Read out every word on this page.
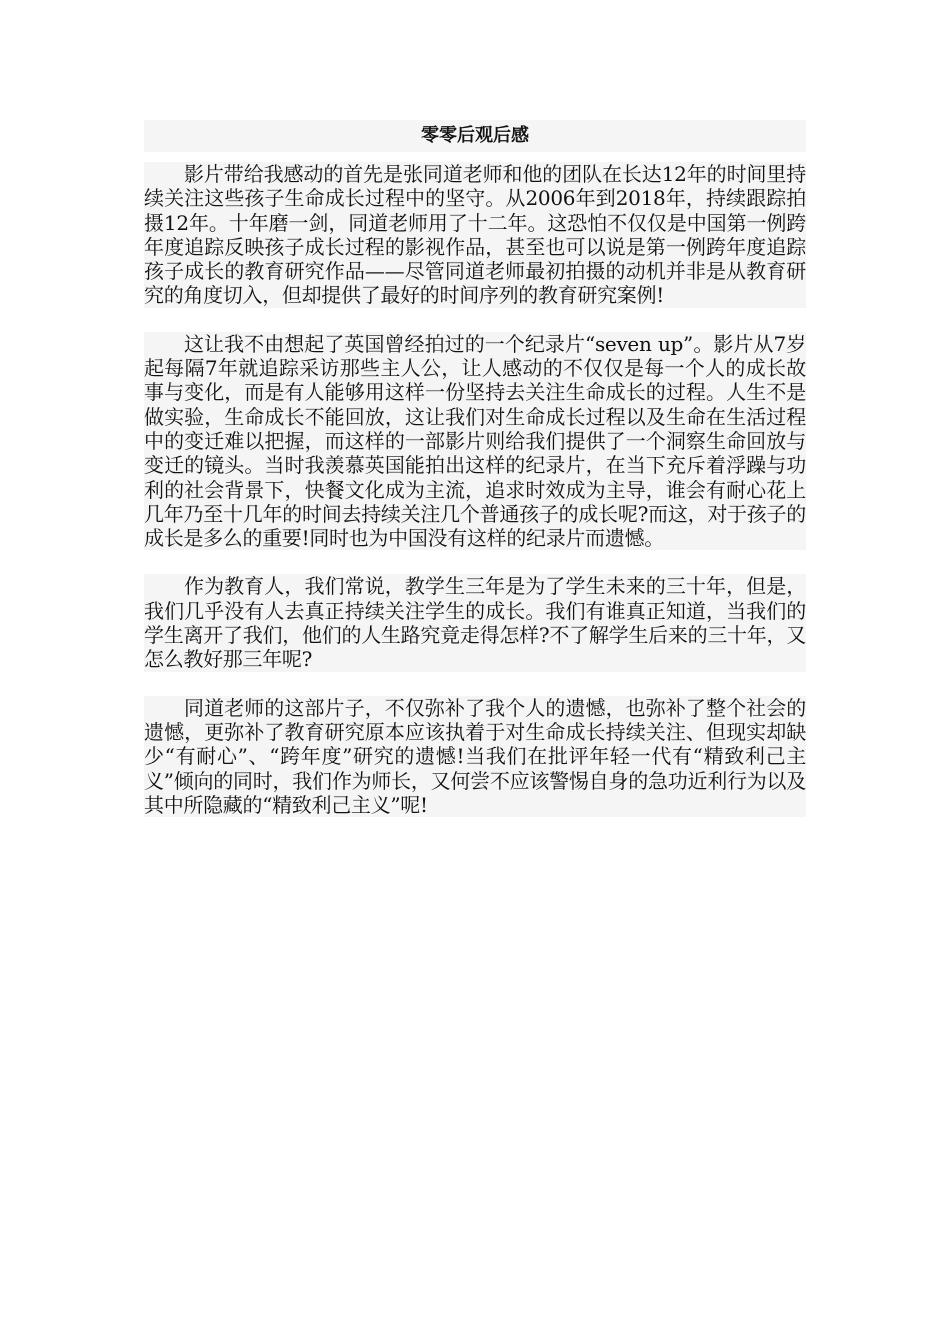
零零后观后感

影片带给我感动的首先是张同道老师和他的团队在长达12年的时间里持续关注这些孩子生命成长过程中的坚守。从2006年到2018年，持续跟踪拍摄12年。十年磨一剑，同道老师用了十二年。这恐怕不仅仅是中国第一例跨年度追踪反映孩子成长过程的影视作品，甚至也可以说是第一例跨年度追踪孩子成长的教育研究作品——尽管同道老师最初拍摄的动机并非是从教育研究的角度切入，但却提供了最好的时间序列的教育研究案例!

这让我不由想起了英国曾经拍过的一个纪录片“seven up”。影片从7岁起每隔7年就追踪采访那些主人公，让人感动的不仅仅是每一个人的成长故事与变化，而是有人能够用这样一份坚持去关注生命成长的过程。人生不是做实验，生命成长不能回放，这让我们对生命成长过程以及生命在生活过程中的变迁难以把握，而这样的一部影片则给我们提供了一个洞察生命回放与变迁的镜头。当时我羡慕英国能拍出这样的纪录片，在当下充斥着浮躁与功利的社会背景下，快餐文化成为主流，追求时效成为主导，谁会有耐心花上几年乃至十几年的时间去持续关注几个普通孩子的成长呢?而这，对于孩子的成长是多么的重要!同时也为中国没有这样的纪录片而遗憾。

作为教育人，我们常说，教学生三年是为了学生未来的三十年，但是，我们几乎没有人去真正持续关注学生的成长。我们有谁真正知道，当我们的学生离开了我们，他们的人生路究竟走得怎样?不了解学生后来的三十年，又怎么教好那三年呢?

同道老师的这部片子，不仅弥补了我个人的遗憾，也弥补了整个社会的遗憾，更弥补了教育研究原本应该执着于对生命成长持续关注、但现实却缺少“有耐心”、“跨年度”研究的遗憾!当我们在批评年轻一代有“精致利己主义”倾向的同时，我们作为师长，又何尝不应该警惕自身的急功近利行为以及其中所隐藏的“精致利己主义”呢!
